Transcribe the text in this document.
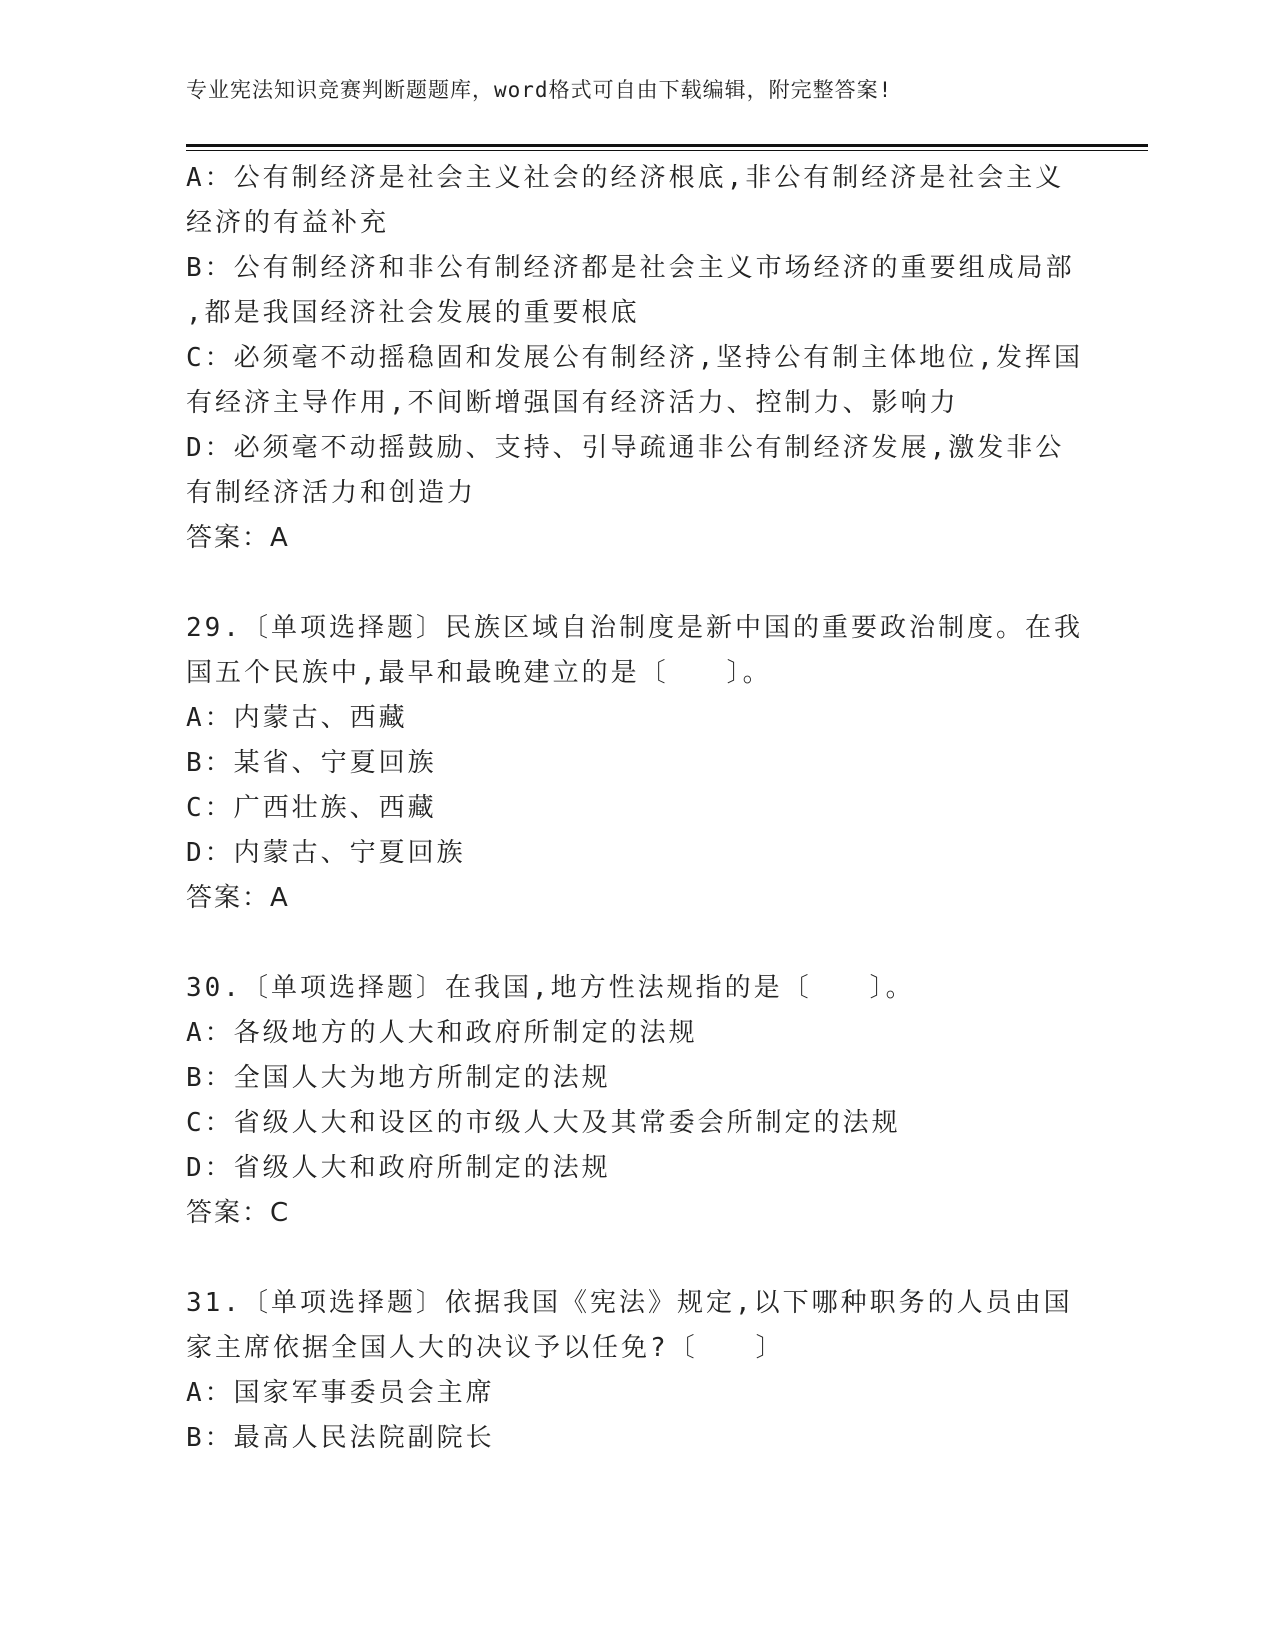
专业宪法知识竞赛判断题题库，word格式可自由下载编辑，附完整答案!
A：公有制经济是社会主义社会的经济根底,非公有制经济是社会主义
经济的有益补充
B：公有制经济和非公有制经济都是社会主义市场经济的重要组成局部
,都是我国经济社会发展的重要根底
C：必须毫不动摇稳固和发展公有制经济,坚持公有制主体地位,发挥国
有经济主导作用,不间断增强国有经济活力、控制力、影响力
D：必须毫不动摇鼓励、支持、引导疏通非公有制经济发展,激发非公
有制经济活力和创造力
答案：A
29.〔单项选择题〕民族区域自治制度是新中国的重要政治制度。在我
国五个民族中,最早和最晚建立的是〔　　〕。
A：内蒙古、西藏
B：某省、宁夏回族
C：广西壮族、西藏
D：内蒙古、宁夏回族
答案：A
30.〔单项选择题〕在我国,地方性法规指的是〔　　〕。
A：各级地方的人大和政府所制定的法规
B：全国人大为地方所制定的法规
C：省级人大和设区的市级人大及其常委会所制定的法规
D：省级人大和政府所制定的法规
答案：C
31.〔单项选择题〕依据我国《宪法》规定,以下哪种职务的人员由国
家主席依据全国人大的决议予以任免?〔　　〕
A：国家军事委员会主席
B：最高人民法院副院长
